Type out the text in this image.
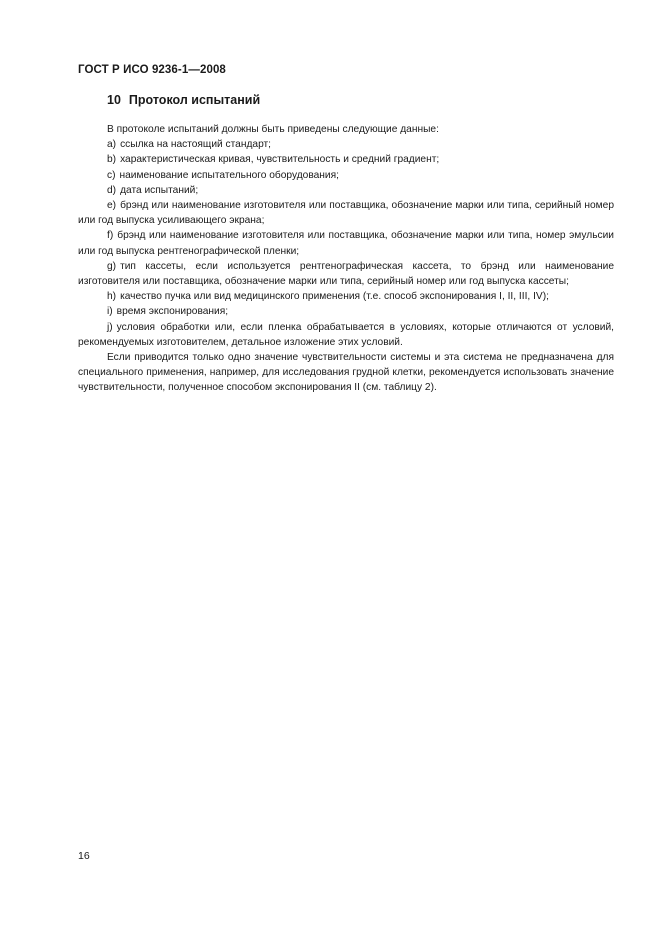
ГОСТ Р ИСО 9236-1—2008
10 Протокол испытаний

В протоколе испытаний должны быть приведены следующие данные:

a) ссылка на настоящий стандарт;

b) характеристическая кривая, чувствительность и средний градиент;

c) наименование испытательного оборудования;

d) дата испытаний;

e) брэнд или наименование изготовителя или поставщика, обозначение марки или типа, серийный номер или год выпуска усиливающего экрана;

f) брэнд или наименование изготовителя или поставщика, обозначение марки или типа, номер эмульсии или год выпуска рентгенографической пленки;

g) тип кассеты, если используется рентгенографическая кассета, то брэнд или наименование изготовителя или поставщика, обозначение марки или типа, серийный номер или год выпуска кассеты;

h) качество пучка или вид медицинского применения (т.е. способ экспонирования I, II, III, IV);

i) время экспонирования;

j) условия обработки или, если пленка обрабатывается в условиях, которые отличаются от условий, рекомендуемых изготовителем, детальное изложение этих условий.

Если приводится только одно значение чувствительности системы и эта система не предназначена для специального применения, например, для исследования грудной клетки, рекомендуется использовать значение чувствительности, полученное способом экспонирования II (см. таблицу 2).

16
